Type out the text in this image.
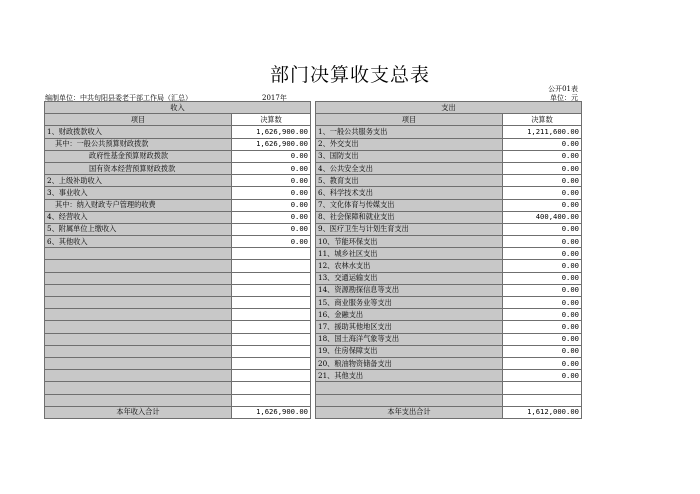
部门决算收支总表
公开01表
编制单位：中共旬阳县委老干部工作局（汇总）	2017年	单位：元
收入			支出	
项目	决算数		项目	决算数
1、财政拨款收入	1,626,900.00		1、一般公共服务支出	1,211,600.00
其中：一般公共预算财政拨款	1,626,900.00		2、外交支出	0.00
政府性基金预算财政拨款	0.00		3、国防支出	0.00
国有资本经营预算财政拨款	0.00		4、公共安全支出	0.00
2、上级补助收入	0.00		5、教育支出	0.00
3、事业收入	0.00		6、科学技术支出	0.00
其中：纳入财政专户管理的收费	0.00		7、文化体育与传媒支出	0.00
4、经营收入	0.00		8、社会保障和就业支出	400,400.00
5、附属单位上缴收入	0.00		9、医疗卫生与计划生育支出	0.00
6、其他收入	0.00		10、节能环保支出	0.00
			11、城乡社区支出	0.00
			12、农林水支出	0.00
			13、交通运输支出	0.00
			14、资源勘探信息等支出	0.00
			15、商业服务业等支出	0.00
			16、金融支出	0.00
			17、援助其他地区支出	0.00
			18、国土海洋气象等支出	0.00
			19、住房保障支出	0.00
			20、粮油物资储备支出	0.00
			21、其他支出	0.00

本年收入合计	1,626,900.00		本年支出合计	1,612,000.00
